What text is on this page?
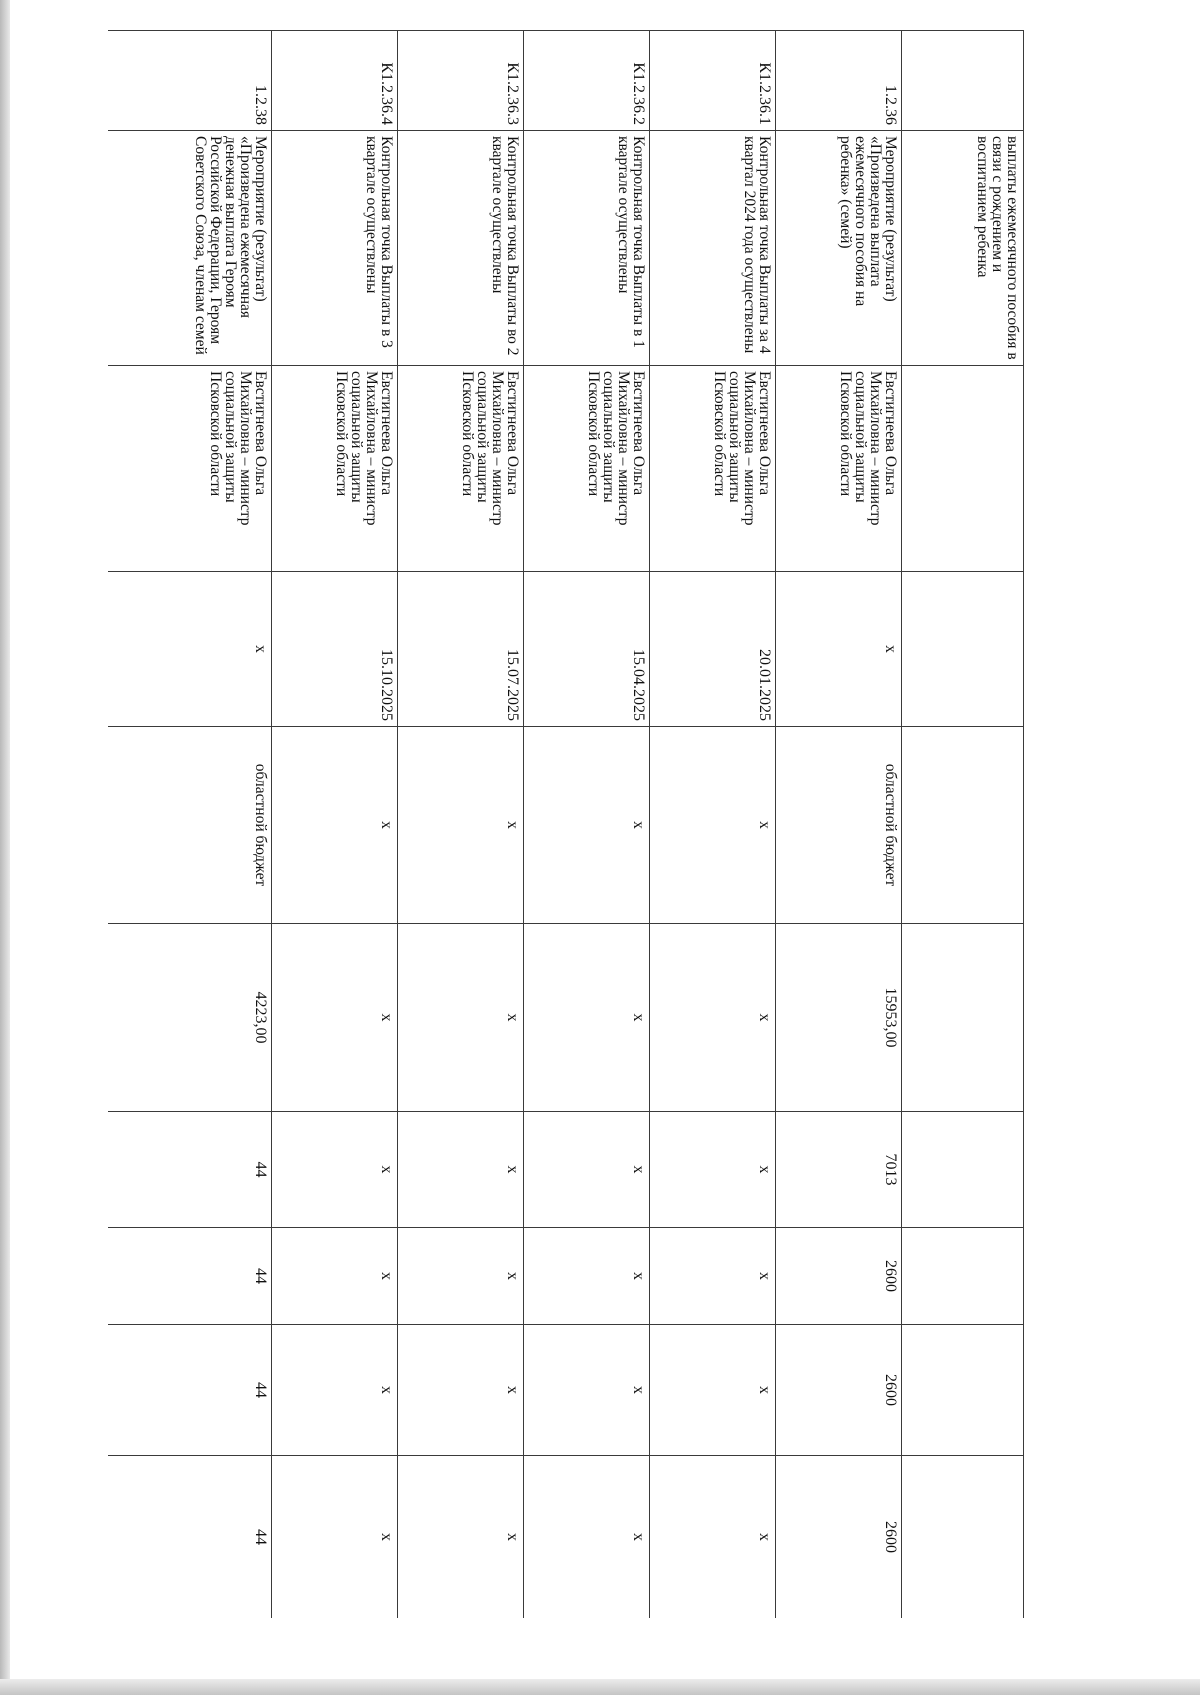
	выплаты ежемесячного пособия в связи с рождением и воспитанием ребенка								
1.2.36	Мероприятие (результат) «Произведена выплата ежемесячного пособия на ребенка» (семей)	Евстигнеева Ольга Михайловна – министр социальной защиты Псковской области	x	областной бюджет	15953,00	7013	2600	2600	2600
К1.2.36.1	Контрольная точка Выплаты за 4 квартал 2024 года осуществлены	Евстигнеева Ольга Михайловна – министр социальной защиты Псковской области	20.01.2025	x	x	x	x	x	x
К1.2.36.2	Контрольная точка Выплаты в 1 квартале осуществлены	Евстигнеева Ольга Михайловна – министр социальной защиты Псковской области	15.04.2025	x	x	x	x	x	x
К1.2.36.3	Контрольная точка Выплаты во 2 квартале осуществлены	Евстигнеева Ольга Михайловна – министр социальной защиты Псковской области	15.07.2025	x	x	x	x	x	x
К1.2.36.4	Контрольная точка Выплаты в 3 квартале осуществлены	Евстигнеева Ольга Михайловна – министр социальной защиты Псковской области	15.10.2025	x	x	x	x	x	x
1.2.38	Мероприятие (результат) «Произведена ежемесячная денежная выплата Героям Российской Федерации, Героям Советского Союза, членам семей	Евстигнеева Ольга Михайловна – министр социальной защиты Псковской области	x	областной бюджет	4223,00	44	44	44	44
